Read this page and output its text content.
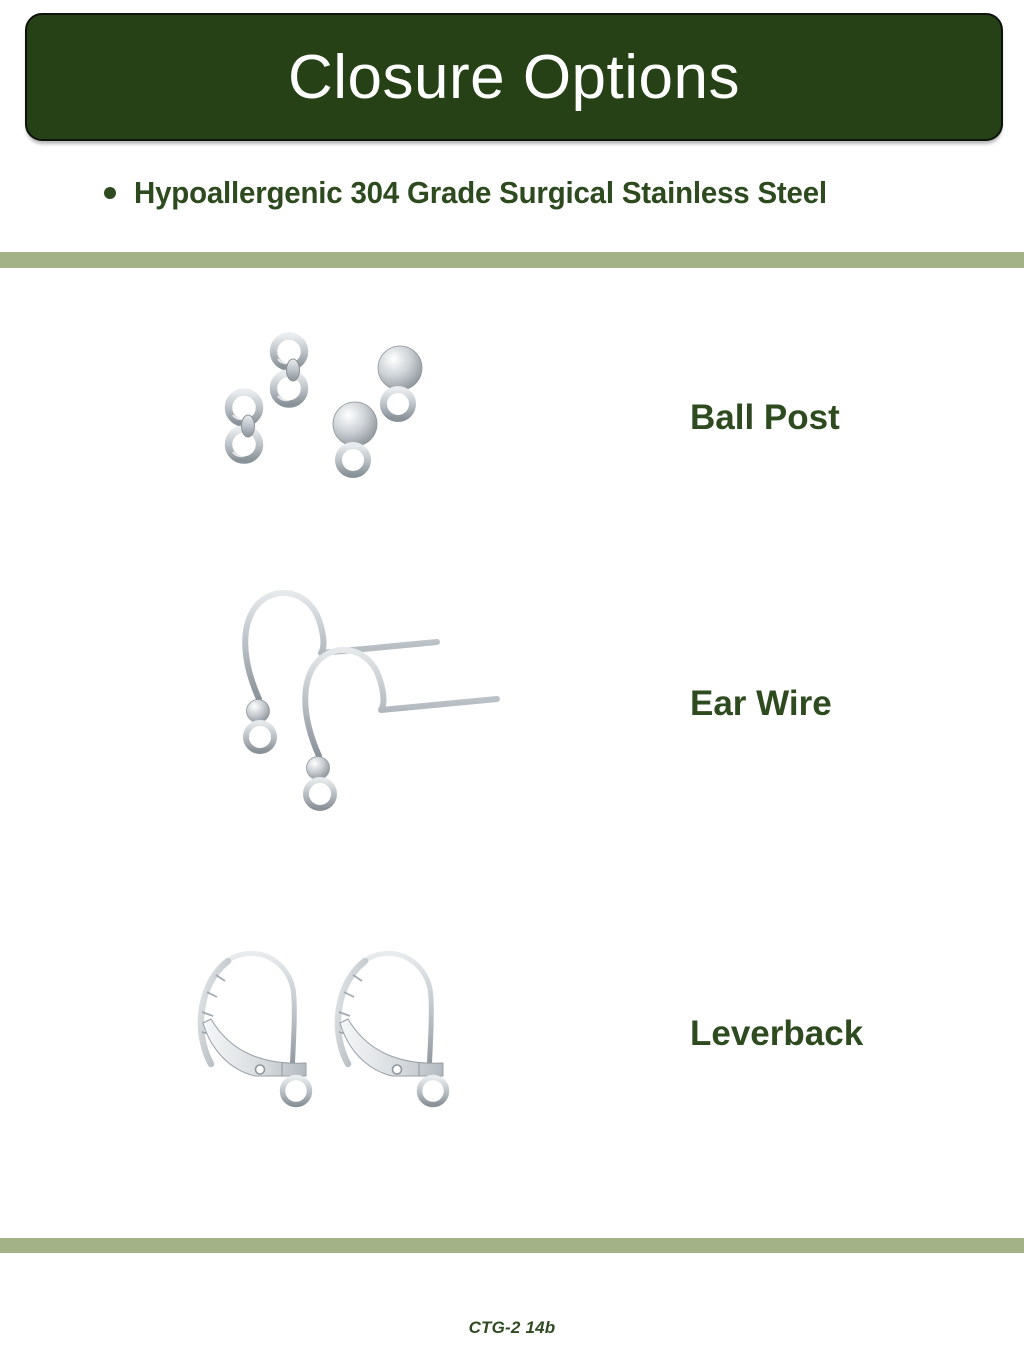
Closure Options
Hypoallergenic 304 Grade Surgical Stainless Steel
Ball Post
Ear Wire
Leverback
CTG-2 14b
